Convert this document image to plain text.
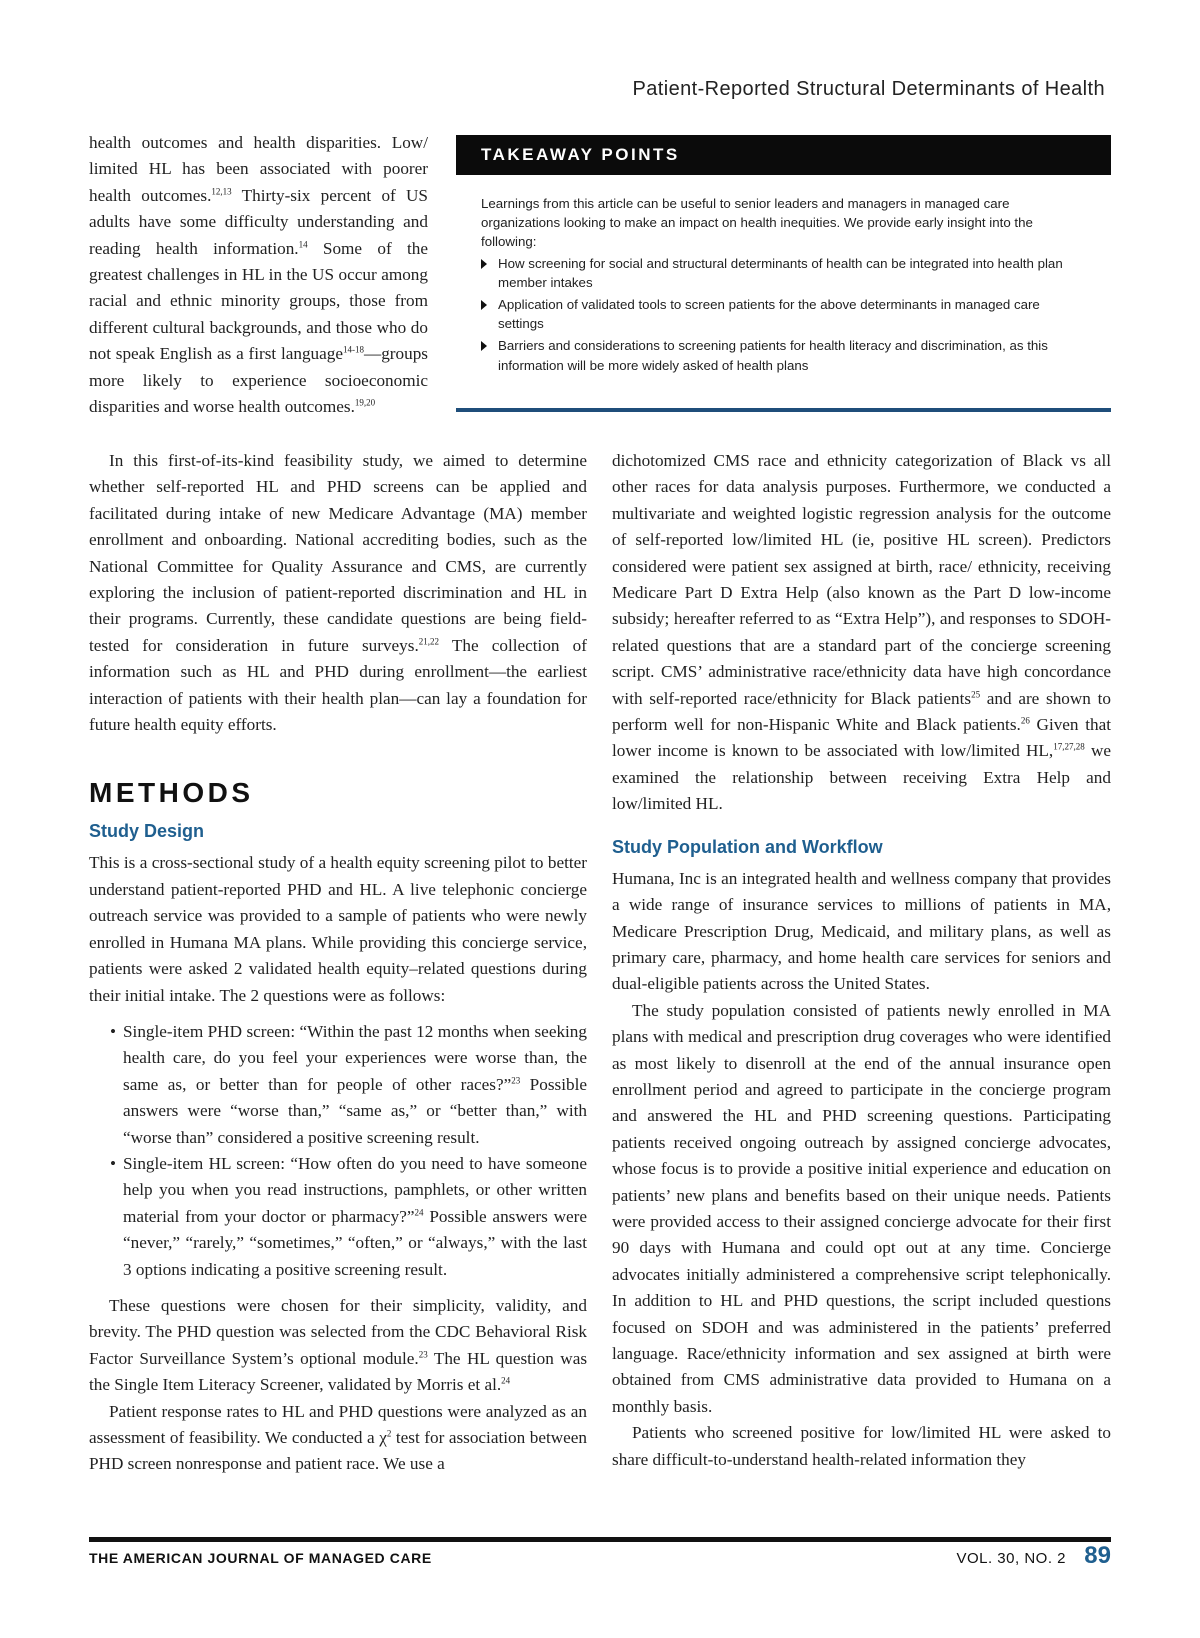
Patient-Reported Structural Determinants of Health

health outcomes and health disparities. Low/ limited HL has been associated with poorer health outcomes.$^{12,13}$ Thirty-six percent of US adults have some difficulty understanding and reading health information.$^{14}$ Some of the greatest challenges in HL in the US occur among racial and ethnic minority groups, those from different cultural backgrounds, and those who do not speak English as a first language$^{14-18}$—groups more likely to experience socioeconomic disparities and worse health outcomes.$^{19,20}$

TAKEAWAY POINTS

Learnings from this article can be useful to senior leaders and managers in managed care organizations looking to make an impact on health inequities. We provide early insight into the following:

How screening for social and structural determinants of health can be integrated into health plan member intakes
Application of validated tools to screen patients for the above determinants in managed care settings
Barriers and considerations to screening patients for health literacy and discrimination, as this information will be more widely asked of health plans

In this first-of-its-kind feasibility study, we aimed to determine whether self-reported HL and PHD screens can be applied and facilitated during intake of new Medicare Advantage (MA) member enrollment and onboarding. National accrediting bodies, such as the National Committee for Quality Assurance and CMS, are currently exploring the inclusion of patient-reported discrimination and HL in their programs. Currently, these candidate questions are being field-tested for consideration in future surveys.$^{21,22}$ The collection of information such as HL and PHD during enrollment—the earliest interaction of patients with their health plan—can lay a foundation for future health equity efforts.

METHODS
Study Design

This is a cross-sectional study of a health equity screening pilot to better understand patient-reported PHD and HL. A live telephonic concierge outreach service was provided to a sample of patients who were newly enrolled in Humana MA plans. While providing this concierge service, patients were asked 2 validated health equity–related questions during their initial intake. The 2 questions were as follows:

• Single-item PHD screen: “Within the past 12 months when seeking health care, do you feel your experiences were worse than, the same as, or better than for people of other races?”$^{23}$ Possible answers were “worse than,” “same as,” or “better than,” with “worse than” considered a positive screening result.
• Single-item HL screen: “How often do you need to have someone help you when you read instructions, pamphlets, or other written material from your doctor or pharmacy?”$^{24}$ Possible answers were “never,” “rarely,” “sometimes,” “often,” or “always,” with the last 3 options indicating a positive screening result.

These questions were chosen for their simplicity, validity, and brevity. The PHD question was selected from the CDC Behavioral Risk Factor Surveillance System’s optional module.$^{23}$ The HL question was the Single Item Literacy Screener, validated by Morris et al.$^{24}$

Patient response rates to HL and PHD questions were analyzed as an assessment of feasibility. We conducted a $\chi^2$ test for association between PHD screen nonresponse and patient race. We use a

dichotomized CMS race and ethnicity categorization of Black vs all other races for data analysis purposes. Furthermore, we conducted a multivariate and weighted logistic regression analysis for the outcome of self-reported low/limited HL (ie, positive HL screen). Predictors considered were patient sex assigned at birth, race/ ethnicity, receiving Medicare Part D Extra Help (also known as the Part D low-income subsidy; hereafter referred to as “Extra Help”), and responses to SDOH-related questions that are a standard part of the concierge screening script. CMS’ administrative race/ethnicity data have high concordance with self-reported race/ethnicity for Black patients$^{25}$ and are shown to perform well for non-Hispanic White and Black patients.$^{26}$ Given that lower income is known to be associated with low/limited HL,$^{17,27,28}$ we examined the relationship between receiving Extra Help and low/limited HL.

Study Population and Workflow

Humana, Inc is an integrated health and wellness company that provides a wide range of insurance services to millions of patients in MA, Medicare Prescription Drug, Medicaid, and military plans, as well as primary care, pharmacy, and home health care services for seniors and dual-eligible patients across the United States.

The study population consisted of patients newly enrolled in MA plans with medical and prescription drug coverages who were identified as most likely to disenroll at the end of the annual insurance open enrollment period and agreed to participate in the concierge program and answered the HL and PHD screening questions. Participating patients received ongoing outreach by assigned concierge advocates, whose focus is to provide a positive initial experience and education on patients’ new plans and benefits based on their unique needs. Patients were provided access to their assigned concierge advocate for their first 90 days with Humana and could opt out at any time. Concierge advocates initially administered a comprehensive script telephonically. In addition to HL and PHD questions, the script included questions focused on SDOH and was administered in the patients’ preferred language. Race/ethnicity information and sex assigned at birth were obtained from CMS administrative data provided to Humana on a monthly basis.

Patients who screened positive for low/limited HL were asked to share difficult-to-understand health-related information they

THE AMERICAN JOURNAL OF MANAGED CARE	VOL. 30, NO. 2 89
